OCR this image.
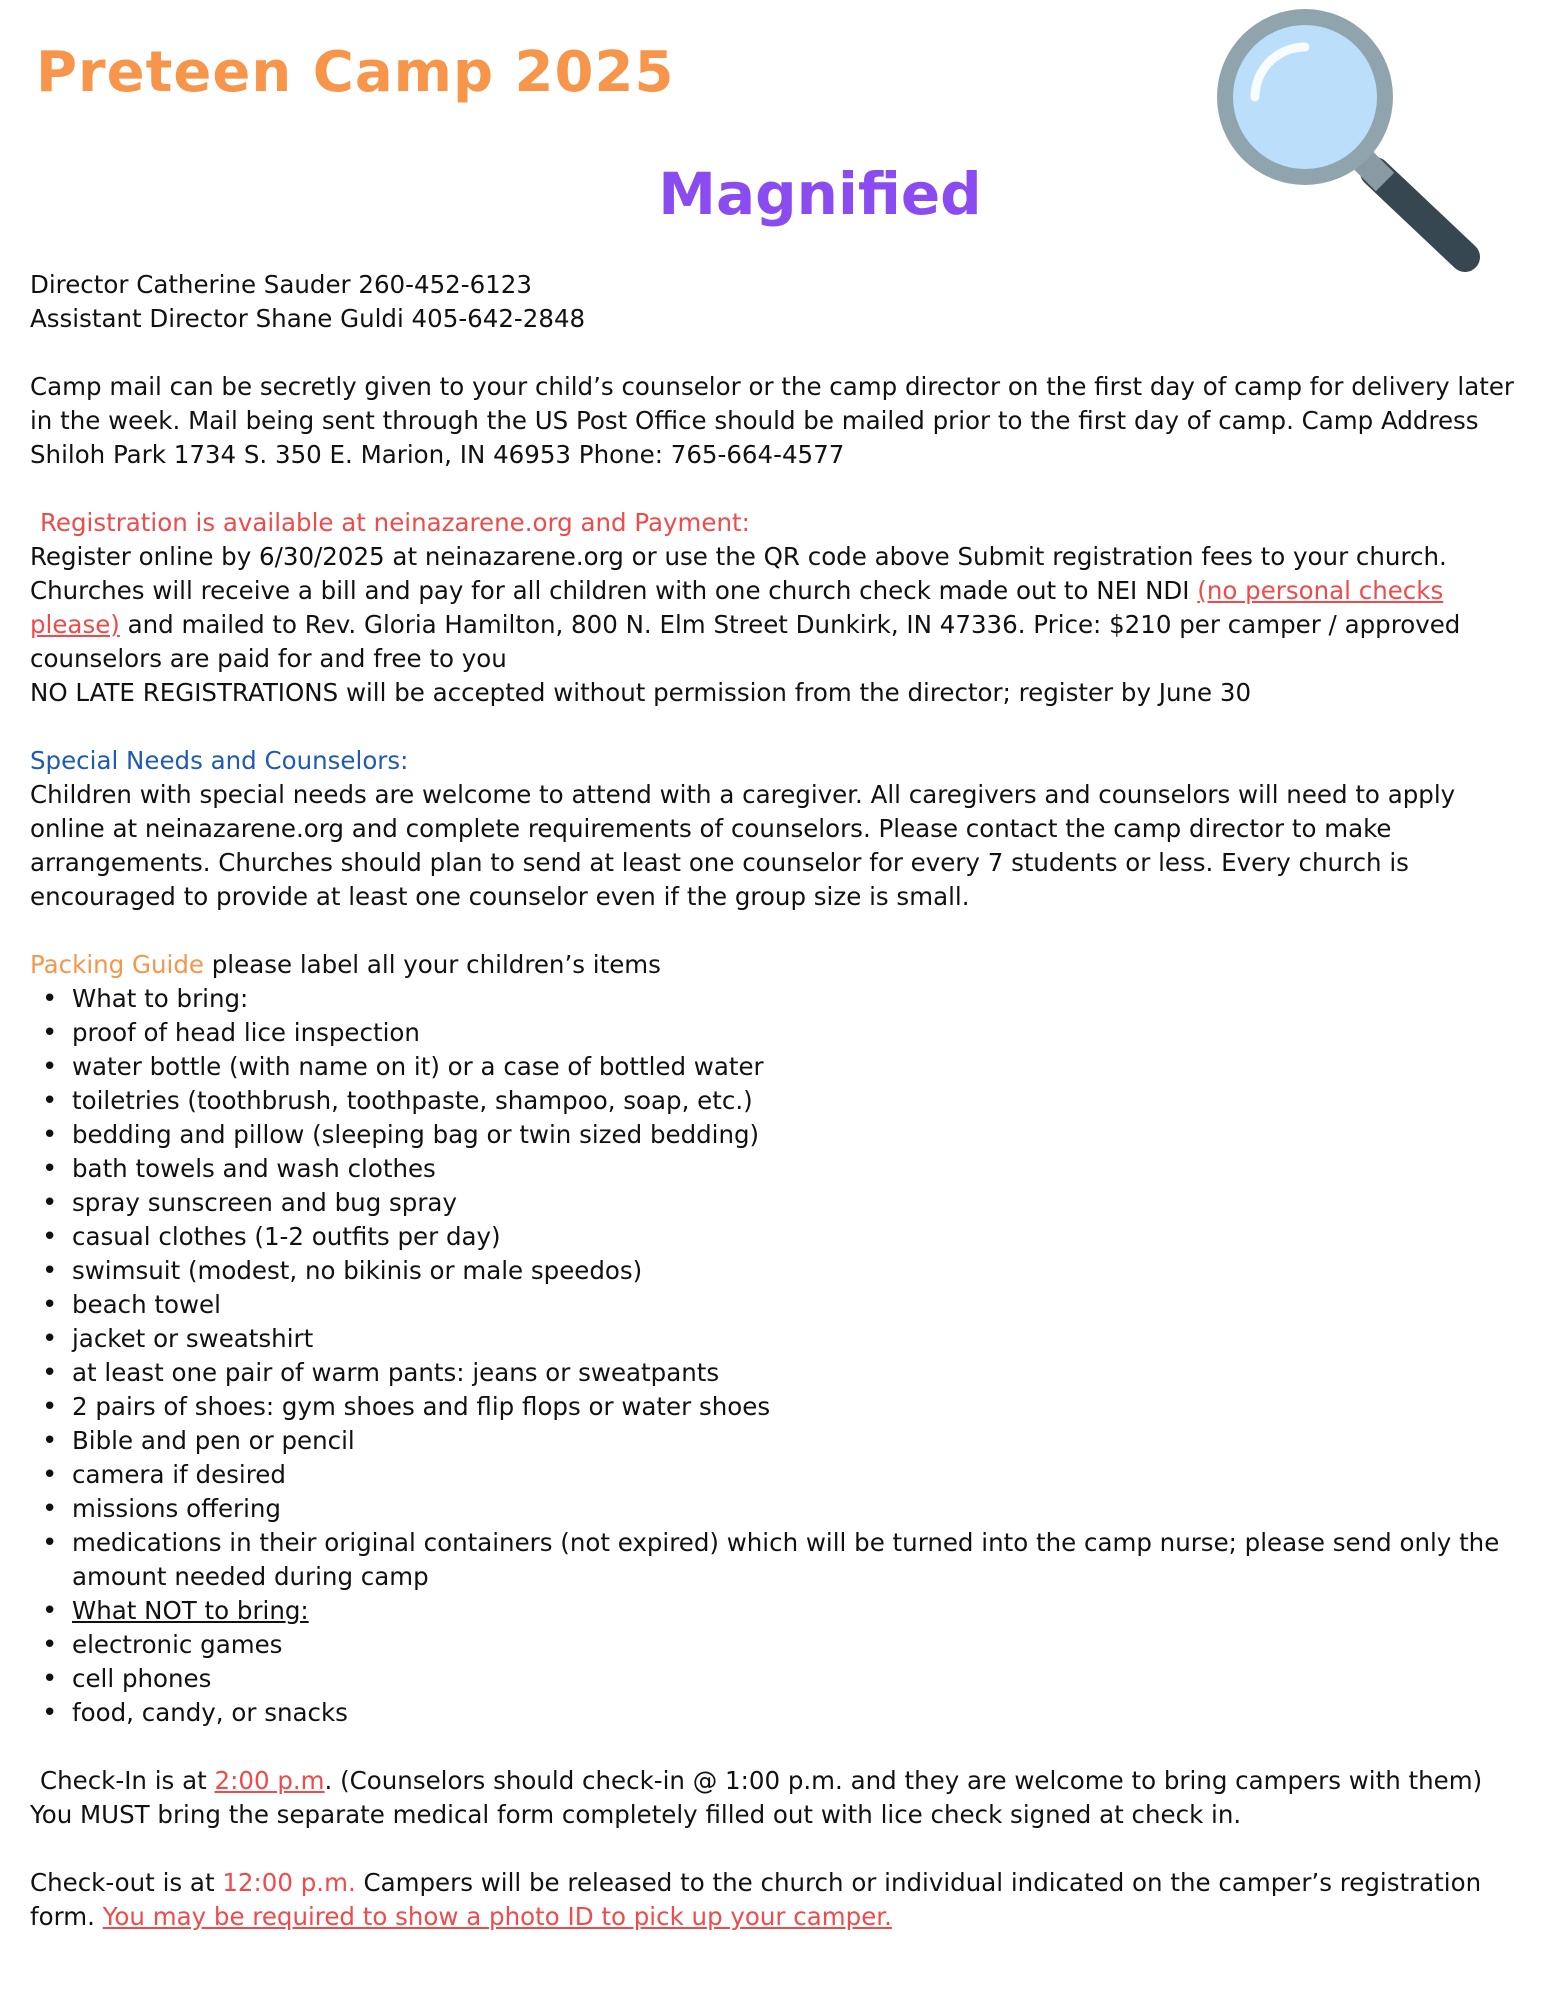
Preteen Camp 2025
Magnified

Director Catherine Sauder 260-452-6123

Assistant Director Shane Guldi 405-642-2848

Camp mail can be secretly given to your child’s counselor or the camp director on the first day of camp for delivery later in the week. Mail being sent through the US Post Office should be mailed prior to the first day of camp. Camp Address Shiloh Park 1734 S. 350 E. Marion, IN 46953 Phone: 765-664-4577

Registration is available at neinazarene.org and Payment:

Register online by 6/30/2025 at neinazarene.org or use the QR code above Submit registration fees to your church. Churches will receive a bill and pay for all children with one church check made out to NEI NDI (no personal checks please) and mailed to Rev. Gloria Hamilton, 800 N. Elm Street Dunkirk, IN 47336. Price: $210 per camper / approved counselors are paid for and free to you

NO LATE REGISTRATIONS will be accepted without permission from the director; register by June 30

Special Needs and Counselors:

Children with special needs are welcome to attend with a caregiver. All caregivers and counselors will need to apply online at neinazarene.org and complete requirements of counselors. Please contact the camp director to make arrangements. Churches should plan to send at least one counselor for every 7 students or less. Every church is encouraged to provide at least one counselor even if the group size is small.

Packing Guide please label all your children’s items

• What to bring:
• proof of head lice inspection
• water bottle (with name on it) or a case of bottled water
• toiletries (toothbrush, toothpaste, shampoo, soap, etc.)
• bedding and pillow (sleeping bag or twin sized bedding)
• bath towels and wash clothes
• spray sunscreen and bug spray
• casual clothes (1-2 outfits per day)
• swimsuit (modest, no bikinis or male speedos)
• beach towel
• jacket or sweatshirt
• at least one pair of warm pants: jeans or sweatpants
• 2 pairs of shoes: gym shoes and flip flops or water shoes
• Bible and pen or pencil
• camera if desired
• missions offering
• medications in their original containers (not expired) which will be turned into the camp nurse; please send only the amount needed during camp
• What NOT to bring:
• electronic games
• cell phones
• food, candy, or snacks

Check-In is at 2:00 p.m. (Counselors should check-in @ 1:00 p.m. and they are welcome to bring campers with them)

You MUST bring the separate medical form completely filled out with lice check signed at check in.

Check-out is at 12:00 p.m. Campers will be released to the church or individual indicated on the camper’s registration form. You may be required to show a photo ID to pick up your camper.
